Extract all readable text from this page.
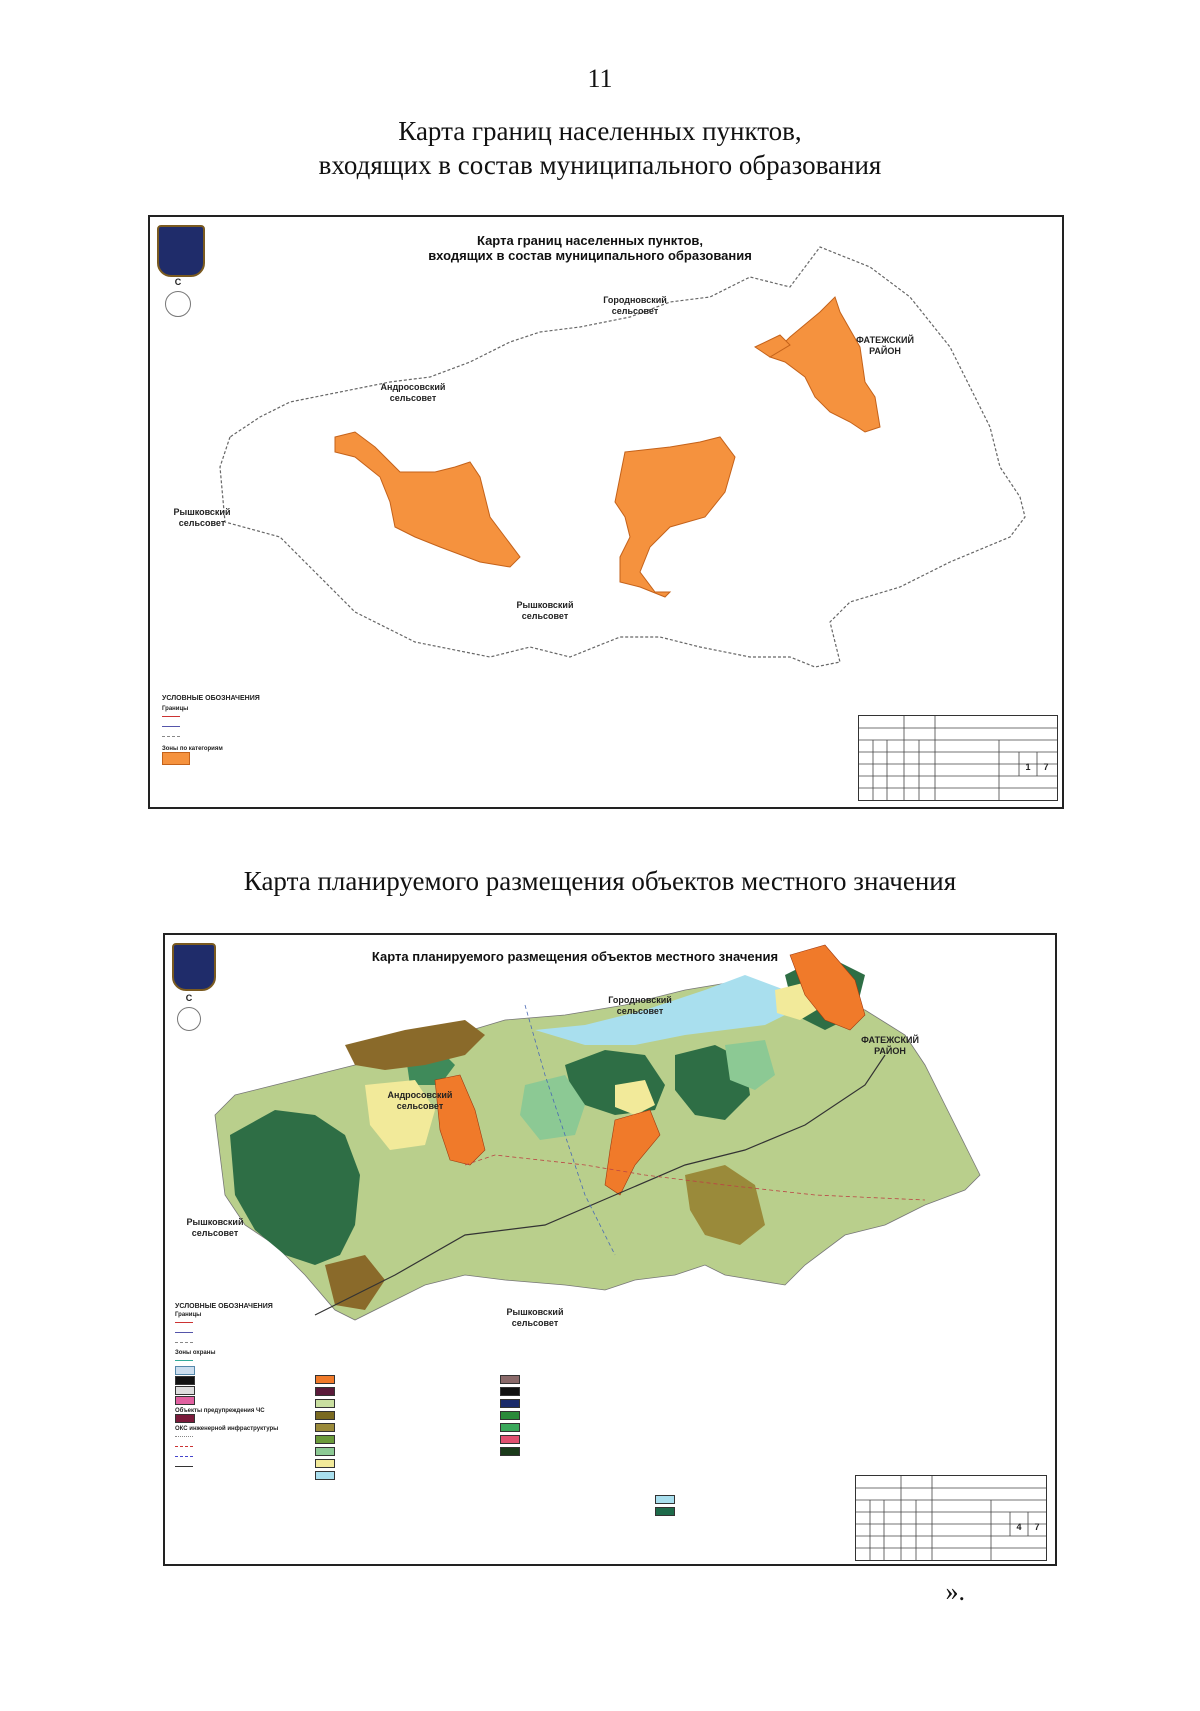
11
Карта границ населенных пунктов,
входящих в состав муниципального образования
С
Карта границ населенных пунктов,
входящих в состав муниципального образования
Городновский
сельсовет
ФАТЕЖСКИЙ
РАЙОН
Андросовский
сельсовет
Рышковский
сельсовет
Рышковский
сельсовет
УСЛОВНЫЕ ОБОЗНАЧЕНИЯ
Границы
Зоны по категориям
1	7
Карта планируемого размещения объектов местного значения
С
Карта планируемого размещения объектов местного значения
Городновский
сельсовет
ФАТЕЖСКИЙ
РАЙОН
Андросовский
сельсовет
Рышковский
сельсовет
Рышковский
сельсовет
УСЛОВНЫЕ ОБОЗНАЧЕНИЯ
Границы
Зоны охраны
Объекты предупреждения ЧС
ОКС инженерной инфраструктуры
4	7
».
